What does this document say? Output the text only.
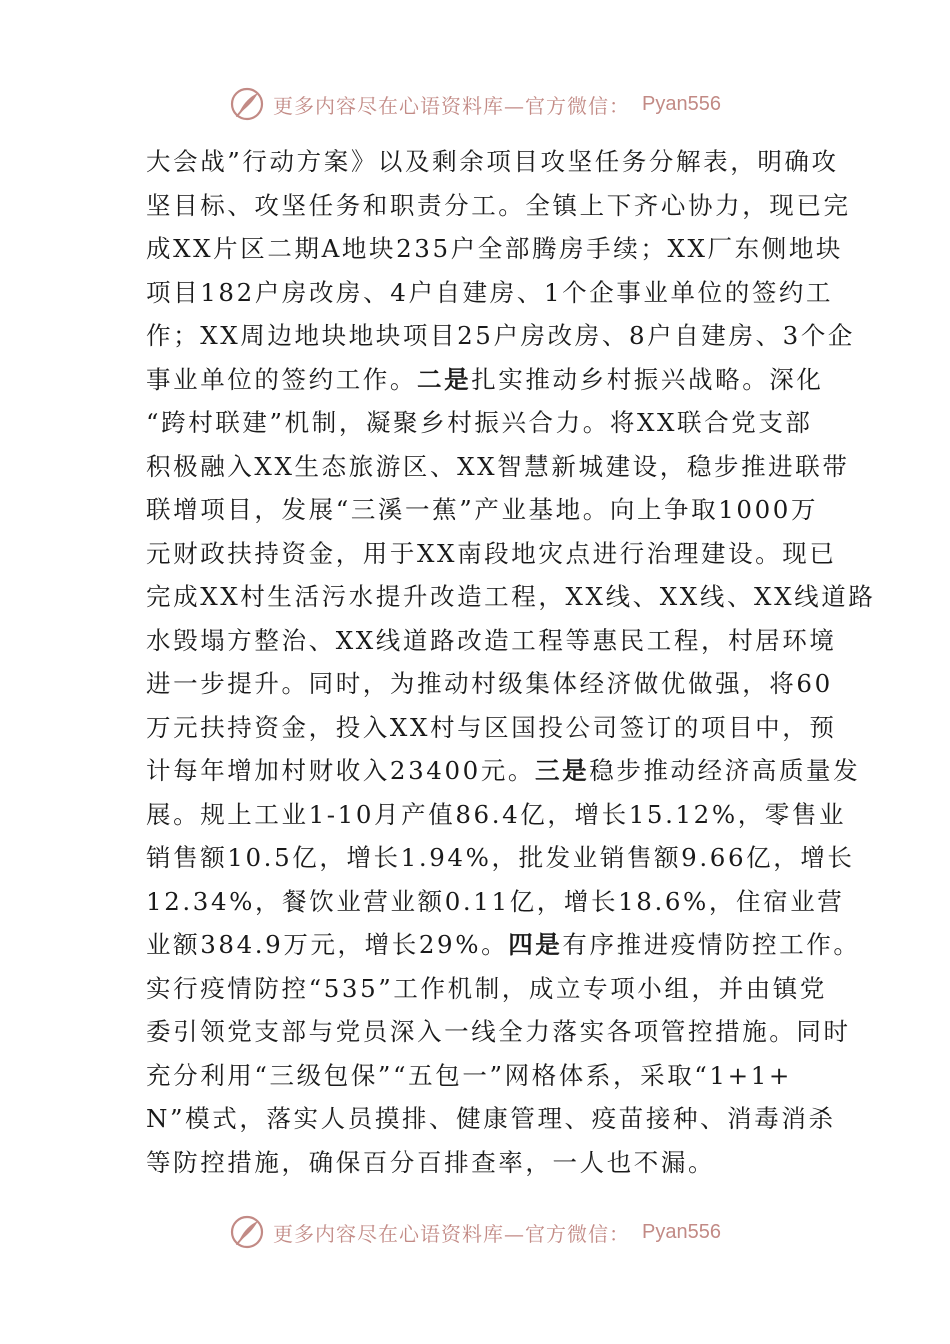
更多内容尽在心语资料库—官方微信： Pyan556
大会战”行动方案》以及剩余项目攻坚任务分解表，明确攻
坚目标、攻坚任务和职责分工。全镇上下齐心协力，现已完
成XX片区二期A地块235户全部腾房手续；XX厂东侧地块
项目182户房改房、4户自建房、1个企事业单位的签约工
作；XX周边地块地块项目25户房改房、8户自建房、3个企
事业单位的签约工作。二是扎实推动乡村振兴战略。深化
“跨村联建”机制，凝聚乡村振兴合力。将XX联合党支部
积极融入XX生态旅游区、XX智慧新城建设，稳步推进联带
联增项目，发展“三溪一蕉”产业基地。向上争取1000万
元财政扶持资金，用于XX南段地灾点进行治理建设。现已
完成XX村生活污水提升改造工程，XX线、XX线、XX线道路
水毁塌方整治、XX线道路改造工程等惠民工程，村居环境
进一步提升。同时，为推动村级集体经济做优做强，将60
万元扶持资金，投入XX村与区国投公司签订的项目中，预
计每年增加村财收入23400元。三是稳步推动经济高质量发
展。规上工业1-10月产值86.4亿，增长15.12%，零售业
销售额10.5亿，增长1.94%，批发业销售额9.66亿，增长
12.34%，餐饮业营业额0.11亿，增长18.6%，住宿业营
业额384.9万元，增长29%。四是有序推进疫情防控工作。
实行疫情防控“535”工作机制，成立专项小组，并由镇党
委引领党支部与党员深入一线全力落实各项管控措施。同时
充分利用“三级包保”“五包一”网格体系，采取“1+1+
N”模式，落实人员摸排、健康管理、疫苗接种、消毒消杀
等防控措施，确保百分百排查率，一人也不漏。
更多内容尽在心语资料库—官方微信： Pyan556
